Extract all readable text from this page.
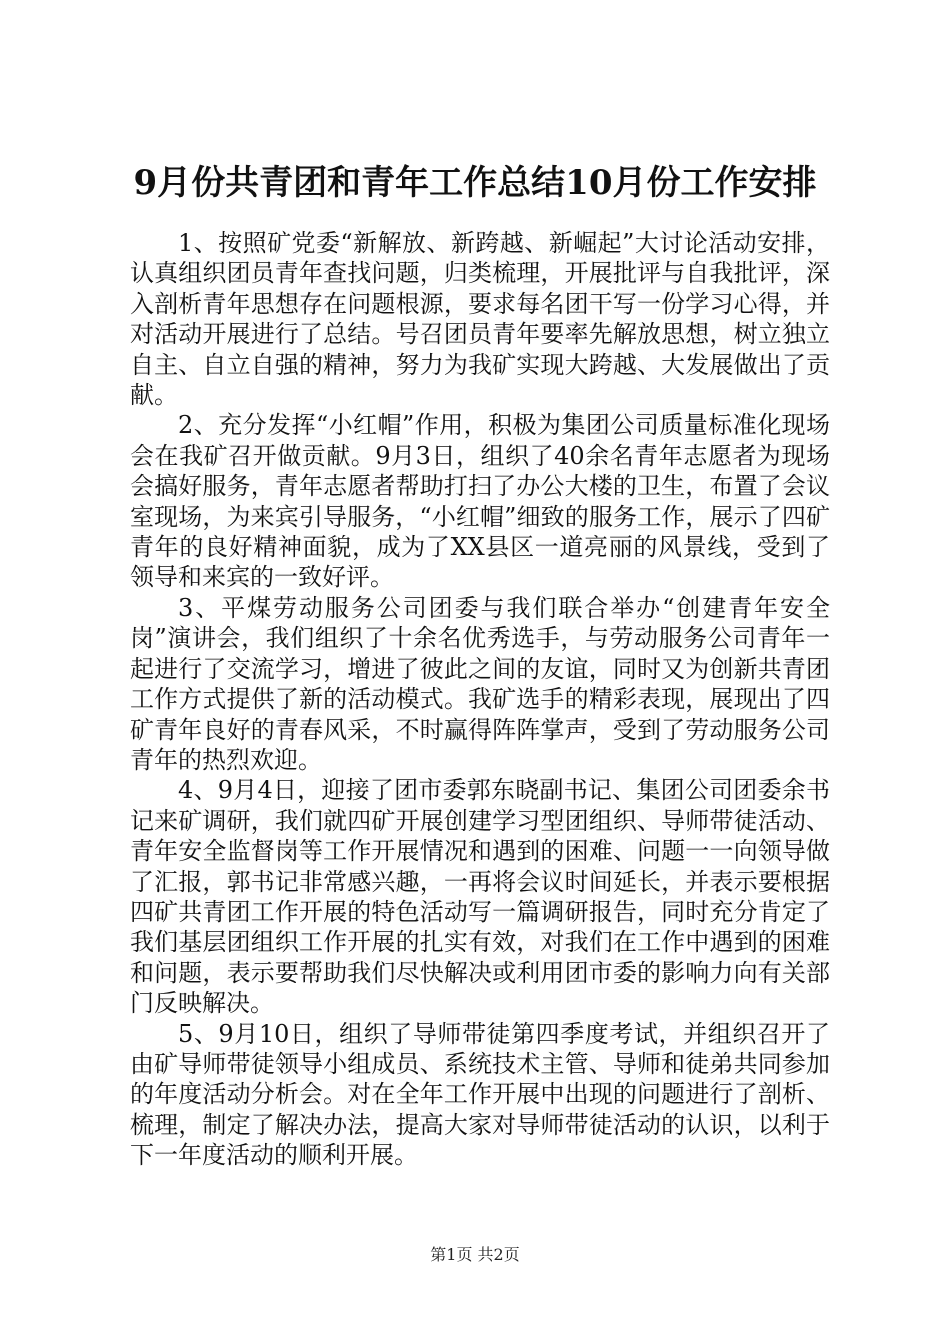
9月份共青团和青年工作总结10月份工作安排

1、按照矿党委“新解放、新跨越、新崛起”大讨论活动安排，认真组织团员青年查找问题，归类梳理，开展批评与自我批评，深入剖析青年思想存在问题根源，要求每名团干写一份学习心得，并对活动开展进行了总结。号召团员青年要率先解放思想，树立独立自主、自立自强的精神，努力为我矿实现大跨越、大发展做出了贡献。

2、充分发挥“小红帽”作用，积极为集团公司质量标准化现场会在我矿召开做贡献。9月3日，组织了40余名青年志愿者为现场会搞好服务，青年志愿者帮助打扫了办公大楼的卫生，布置了会议室现场，为来宾引导服务，“小红帽”细致的服务工作，展示了四矿青年的良好精神面貌，成为了XX县区一道亮丽的风景线，受到了领导和来宾的一致好评。

3、平煤劳动服务公司团委与我们联合举办“创建青年安全岗”演讲会，我们组织了十余名优秀选手，与劳动服务公司青年一起进行了交流学习，增进了彼此之间的友谊，同时又为创新共青团工作方式提供了新的活动模式。我矿选手的精彩表现，展现出了四矿青年良好的青春风采，不时赢得阵阵掌声，受到了劳动服务公司青年的热烈欢迎。

4、9月4日，迎接了团市委郭东晓副书记、集团公司团委余书记来矿调研，我们就四矿开展创建学习型团组织、导师带徒活动、青年安全监督岗等工作开展情况和遇到的困难、问题一一向领导做了汇报，郭书记非常感兴趣，一再将会议时间延长，并表示要根据四矿共青团工作开展的特色活动写一篇调研报告，同时充分肯定了我们基层团组织工作开展的扎实有效，对我们在工作中遇到的困难和问题，表示要帮助我们尽快解决或利用团市委的影响力向有关部门反映解决。

5、9月10日，组织了导师带徒第四季度考试，并组织召开了由矿导师带徒领导小组成员、系统技术主管、导师和徒弟共同参加的年度活动分析会。对在全年工作开展中出现的问题进行了剖析、梳理，制定了解决办法，提高大家对导师带徒活动的认识，以利于下一年度活动的顺利开展。

第1页 共2页
